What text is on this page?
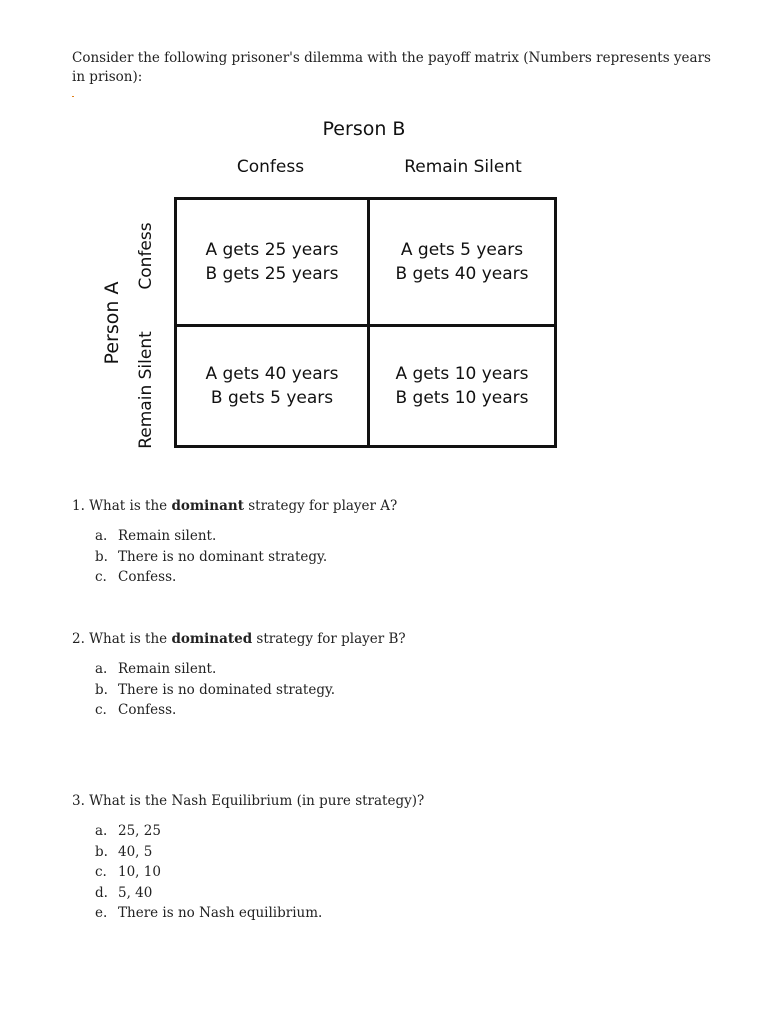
Consider the following prisoner's dilemma with the payoff matrix (Numbers represents years in prison):

Person B
Confess	Remain Silent
Person A
Confess
Remain Silent
A gets 25 years
B gets 25 years
A gets 5 years
B gets 40 years
A gets 40 years
B gets 5 years
A gets 10 years
B gets 10 years
1. What is the dominant strategy for player A?
a. Remain silent.
b. There is no dominant strategy.
c. Confess.
2. What is the dominated strategy for player B?
a. Remain silent.
b. There is no dominated strategy.
c. Confess.
3. What is the Nash Equilibrium (in pure strategy)?
a. 25, 25
b. 40, 5
c. 10, 10
d. 5, 40
e. There is no Nash equilibrium.
